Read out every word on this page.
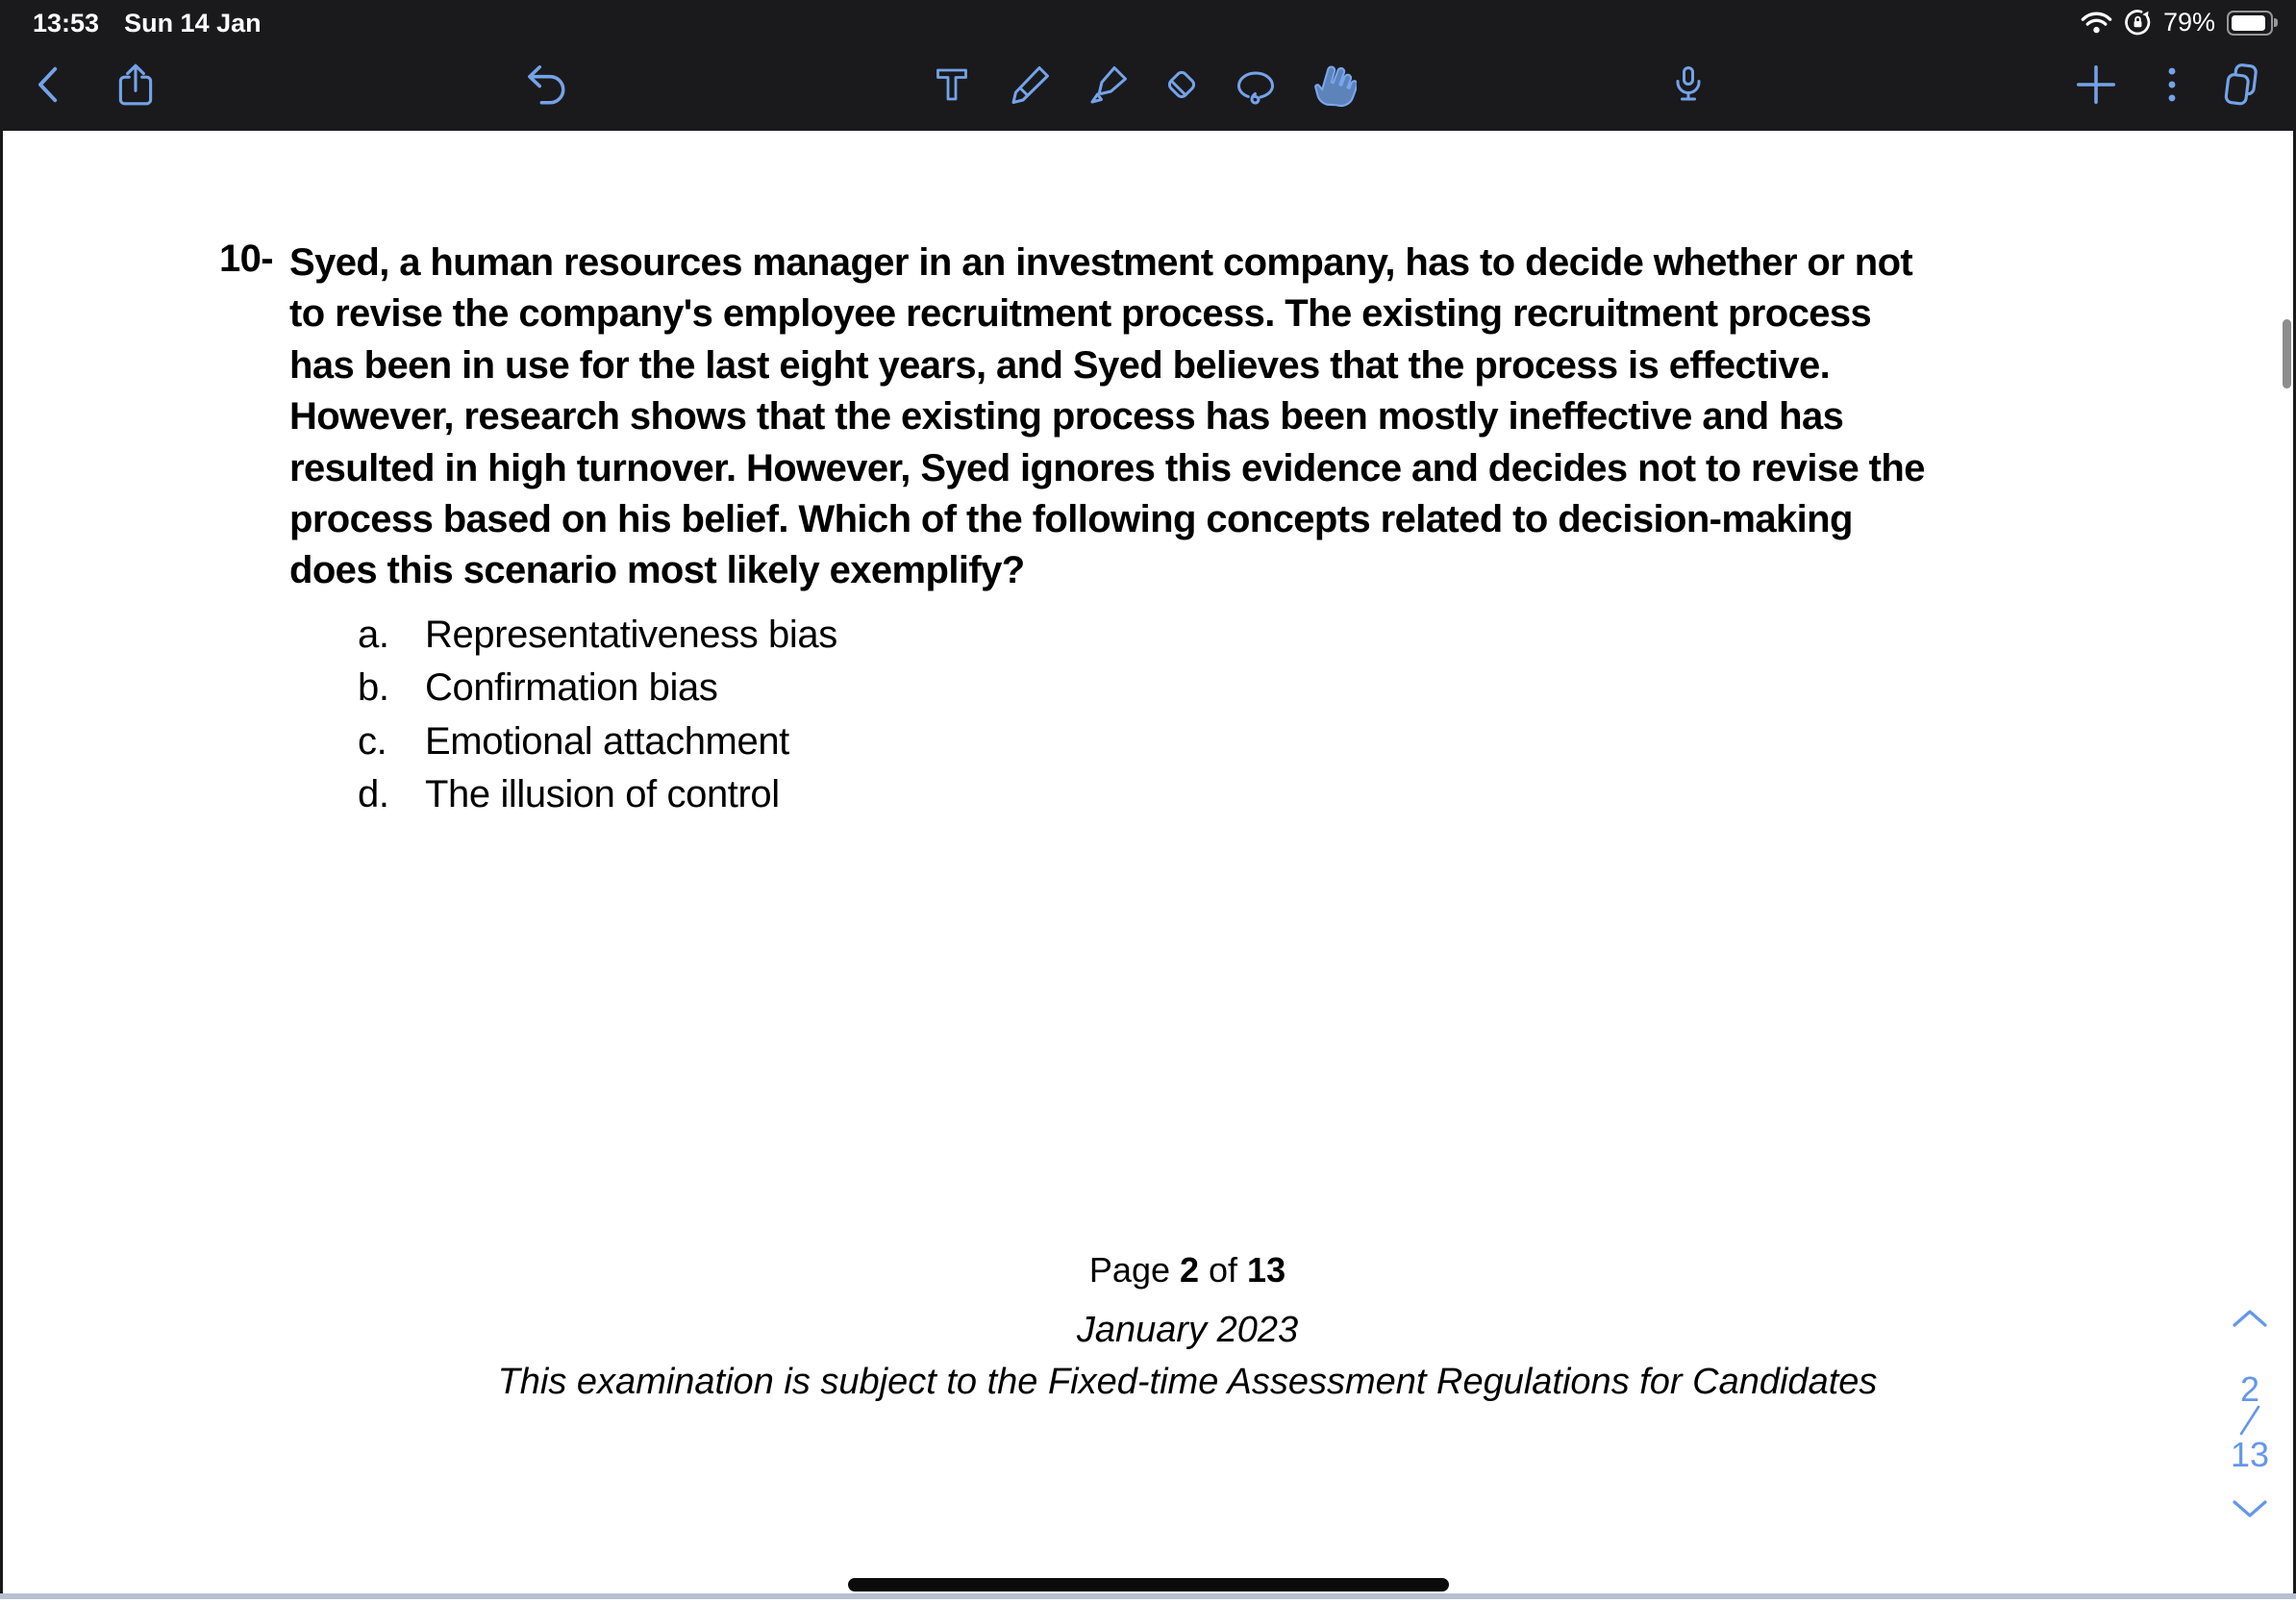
13:53 Sun 14 Jan	79%
10- Syed, a human resources manager in an investment company, has to decide whether or not
to revise the company's employee recruitment process. The existing recruitment process
has been in use for the last eight years, and Syed believes that the process is effective.
However, research shows that the existing process has been mostly ineffective and has
resulted in high turnover. However, Syed ignores this evidence and decides not to revise the
process based on his belief. Which of the following concepts related to decision-making
does this scenario most likely exemplify?
a. Representativeness bias
b. Confirmation bias
c. Emotional attachment
d. The illusion of control
Page 2 of 13
January 2023
This examination is subject to the Fixed-time Assessment Regulations for Candidates	2
13
